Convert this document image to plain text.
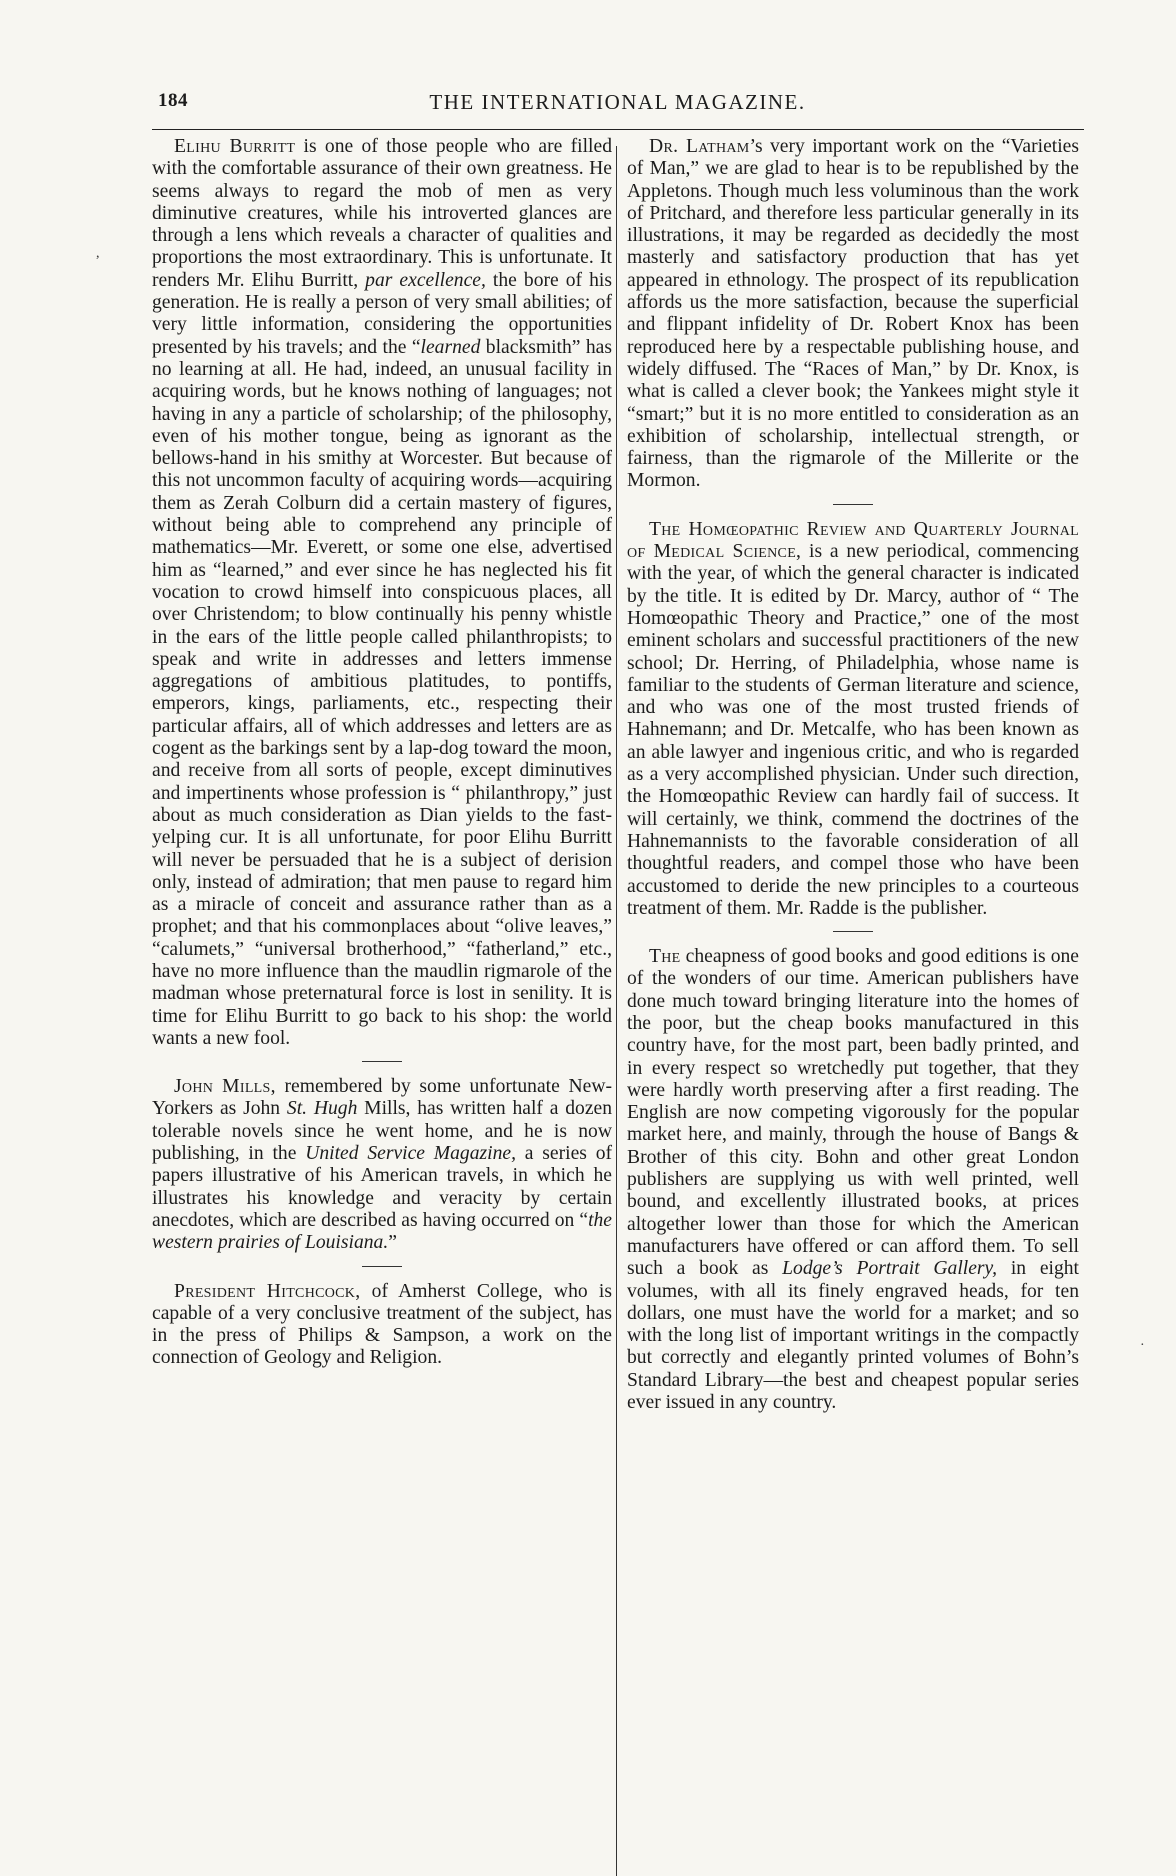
184	THE INTERNATIONAL MAGAZINE.
,
·

Elihu Burritt is one of those people who are filled with the comfortable assurance of their own greatness. He seems always to regard the mob of men as very diminutive creatures, while his introverted glances are through a lens which reveals a character of qualities and proportions the most extraordinary. This is unfortunate. It renders Mr. Elihu Burritt, par excellence, the bore of his generation. He is really a person of very small abilities; of very little information, considering the opportunities presented by his travels; and the “learned blacksmith” has no learning at all. He had, indeed, an unusual facility in acquiring words, but he knows nothing of languages; not having in any a particle of scholarship; of the philosophy, even of his mother tongue, being as ignorant as the bellows-hand in his smithy at Worcester. But because of this not uncommon faculty of acquiring words—acquiring them as Zerah Colburn did a certain mastery of figures, without being able to comprehend any principle of mathematics—Mr. Everett, or some one else, advertised him as “learned,” and ever since he has neglected his fit vocation to crowd himself into conspicuous places, all over Christendom; to blow continually his penny whistle in the ears of the little people called philanthropists; to speak and write in addresses and letters immense aggregations of ambitious platitudes, to pontiffs, emperors, kings, parliaments, etc., respecting their particular affairs, all of which addresses and letters are as cogent as the barkings sent by a lap-dog toward the moon, and receive from all sorts of people, except diminutives and impertinents whose profession is “ philanthropy,” just about as much consideration as Dian yields to the fast-yelping cur. It is all unfortunate, for poor Elihu Burritt will never be persuaded that he is a subject of derision only, instead of admiration; that men pause to regard him as a miracle of conceit and assurance rather than as a prophet; and that his commonplaces about “olive leaves,” “calumets,” “universal brotherhood,” “fatherland,” etc., have no more influence than the maudlin rigmarole of the madman whose preternatural force is lost in senility. It is time for Elihu Burritt to go back to his shop: the world wants a new fool.

John Mills, remembered by some unfortunate New-Yorkers as John St. Hugh Mills, has written half a dozen tolerable novels since he went home, and he is now publishing, in the United Service Magazine, a series of papers illustrative of his American travels, in which he illustrates his knowledge and veracity by certain anecdotes, which are described as having occurred on “the western prairies of Louisiana.”

President Hitchcock, of Amherst College, who is capable of a very conclusive treatment of the subject, has in the press of Philips & Sampson, a work on the connection of Geology and Religion.

Dr. Latham’s very important work on the “Varieties of Man,” we are glad to hear is to be republished by the Appletons. Though much less voluminous than the work of Pritchard, and therefore less particular generally in its illustrations, it may be regarded as decidedly the most masterly and satisfactory production that has yet appeared in ethnology. The prospect of its republication affords us the more satisfaction, because the superficial and flippant infidelity of Dr. Robert Knox has been reproduced here by a respectable publishing house, and widely diffused. The “Races of Man,” by Dr. Knox, is what is called a clever book; the Yankees might style it “smart;” but it is no more entitled to consideration as an exhibition of scholarship, intellectual strength, or fairness, than the rigmarole of the Millerite or the Mormon.

The Homœopathic Review and Quarterly Journal of Medical Science, is a new periodical, commencing with the year, of which the general character is indicated by the title. It is edited by Dr. Marcy, author of “ The Homœopathic Theory and Practice,” one of the most eminent scholars and successful practitioners of the new school; Dr. Herring, of Philadelphia, whose name is familiar to the students of German literature and science, and who was one of the most trusted friends of Hahnemann; and Dr. Metcalfe, who has been known as an able lawyer and ingenious critic, and who is regarded as a very accomplished physician. Under such direction, the Homœopathic Review can hardly fail of success. It will certainly, we think, commend the doctrines of the Hahnemannists to the favorable consideration of all thoughtful readers, and compel those who have been accustomed to deride the new principles to a courteous treatment of them. Mr. Radde is the publisher.

The cheapness of good books and good editions is one of the wonders of our time. American publishers have done much toward bringing literature into the homes of the poor, but the cheap books manufactured in this country have, for the most part, been badly printed, and in every respect so wretchedly put together, that they were hardly worth preserving after a first reading. The English are now competing vigorously for the popular market here, and mainly, through the house of Bangs & Brother of this city. Bohn and other great London publishers are supplying us with well printed, well bound, and excellently illustrated books, at prices altogether lower than those for which the American manufacturers have offered or can afford them. To sell such a book as Lodge’s Portrait Gallery, in eight volumes, with all its finely engraved heads, for ten dollars, one must have the world for a market; and so with the long list of important writings in the compactly but correctly and elegantly printed volumes of Bohn’s Standard Library—the best and cheapest popular series ever issued in any country.
